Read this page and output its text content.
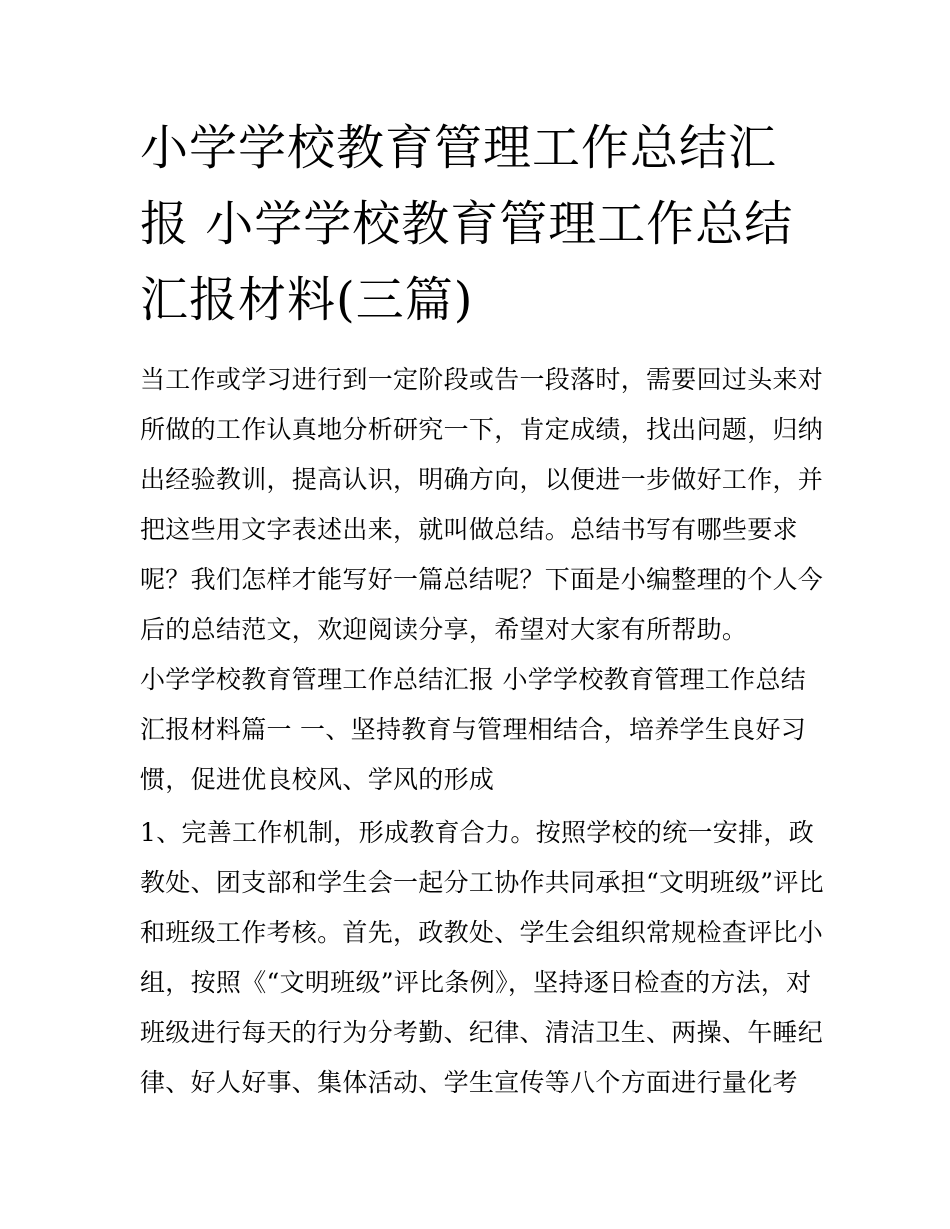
小学学校教育管理工作总结汇
报 小学学校教育管理工作总结
汇报材料(三篇)

当工作或学习进行到一定阶段或告一段落时，需要回过头来对
所做的工作认真地分析研究一下，肯定成绩，找出问题，归纳
出经验教训，提高认识，明确方向，以便进一步做好工作，并
把这些用文字表述出来，就叫做总结。总结书写有哪些要求
呢？我们怎样才能写好一篇总结呢？下面是小编整理的个人今
后的总结范文，欢迎阅读分享，希望对大家有所帮助。

小学学校教育管理工作总结汇报 小学学校教育管理工作总结
汇报材料篇一 一、坚持教育与管理相结合，培养学生良好习
惯，促进优良校风、学风的形成

1、完善工作机制，形成教育合力。按照学校的统一安排，政
教处、团支部和学生会一起分工协作共同承担“文明班级”评比
和班级工作考核。首先，政教处、学生会组织常规检查评比小
组，按照《“文明班级”评比条例》，坚持逐日检查的方法，对
班级进行每天的行为分考勤、纪律、清洁卫生、两操、午睡纪
律、好人好事、集体活动、学生宣传等八个方面进行量化考
